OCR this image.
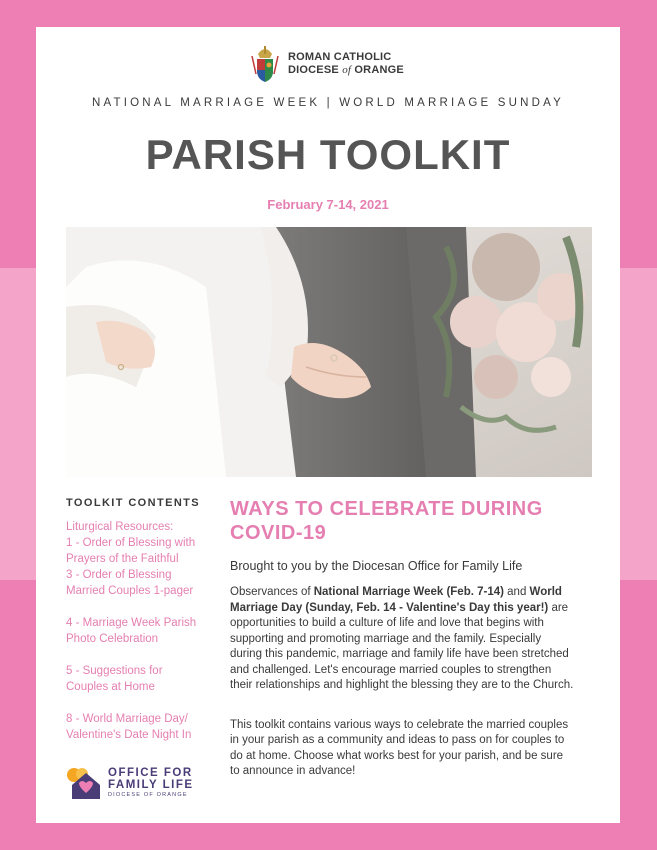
ROMAN CATHOLIC
DIOCESE of ORANGE
NATIONAL MARRIAGE WEEK | WORLD MARRIAGE SUNDAY
PARISH TOOLKIT
February 7-14, 2021
TOOLKIT CONTENTS

Liturgical Resources:

1 - Order of Blessing with

Prayers of the Faithful

3 - Order of Blessing

Married Couples 1-pager

4 - Marriage Week Parish

Photo Celebration

5 - Suggestions for

Couples at Home

8 - World Marriage Day/

Valentine's Date Night In

OFFICE FOR
FAMILY LIFE
DIOCESE OF ORANGE

WAYS TO CELEBRATE DURING
COVID-19

Brought to you by the Diocesan Office for Family Life
Observances of National Marriage Week (Feb. 7-14) and World Marriage Day (Sunday, Feb. 14 - Valentine's Day this year!) are opportunities to build a culture of life and love that begins with supporting and promoting marriage and the family. Especially during this pandemic, marriage and family life have been stretched and challenged. Let's encourage married couples to strengthen their relationships and highlight the blessing they are to the Church.
This toolkit contains various ways to celebrate the married couples in your parish as a community and ideas to pass on for couples to do at home. Choose what works best for your parish, and be sure to announce in advance!
